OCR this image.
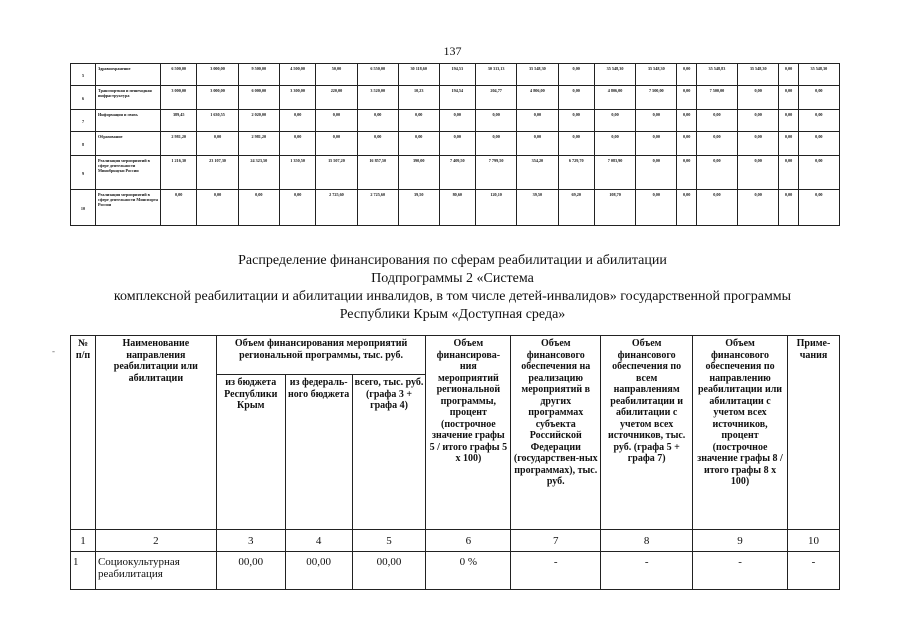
137
5	Здравоохранение	6 500,00	3 000,00	9 500,00	4 500,00	50,00	6 550,00	30 118,60	194,53	30 313,13	35 548,30	0,00	35 548,30	35 548,30	0,00	35 548,83	35 548,30	0,00	35 548,30
6	Транспортная и пешеходная инфраструктура	3 000,00	3 000,00	6 000,00	3 300,00	220,00	3 520,00	10,23	194,54	204,77	4 806,00	0,00	4 806,00	7 500,00	0,00	7 500,00	0,00	0,00	0,00
7	Информация и связь	389,45	1 630,55	2 020,00	0,00	0,00	0,00	0,00	0,00	0,00	0,00	0,00	0,00	0,00	0,00	0,00	0,00	0,00	0,00
8	Образование	2 981,20	0,00	2 981,20	0,00	0,00	0,00	0,00	0,00	0,00	0,00	0,00	0,00	0,00	0,00	0,00	0,00	0,00	0,00
9	Реализация мероприятий в сфере деятельности Минобрнауки России	1 216,30	23 107,30	24 323,50	1 350,50	15 507,20	16 857,50	390,00	7 409,50	7 799,50	354,20	6 729,70	7 083,90	0,00	0,00	0,00	0,00	0,00	0,00
10	Реализация мероприятий в сфере деятельности Минспорта России	0,00	0,00	0,00	0,00	2 725,60	2 725,60	39,50	80,60	120,10	39,50	69,20	108,70	0,00	0,00	0,00	0,00	0,00	0,00
Распределение финансирования по сферам реабилитации и абилитации
Подпрограммы 2 «Система
комплексной реабилитации и абилитации инвалидов, в том числе детей-инвалидов» государственной программы
Республики Крым «Доступная среда»
-
№ п/п	Наименование направления реабилитации или абилитации	Объем финансирования мероприятий региональной программы, тыс. руб.			Объем финансирова-ния мероприятий региональной программы, процент (построчное значение графы 5 / итого графы 5 x 100)	Объем финансового обеспечения на реализацию мероприятий в других программах субъекта Российской Федерации (государствен-ных программах), тыс. руб.	Объем финансового обеспечения по всем направлениям реабилитации и абилитации с учетом всех источников, тыс. руб. (графа 5 + графа 7)	Объем финансового обеспечения по направлению реабилитации или абилитации с учетом всех источников, процент (построчное значение графы 8 / итого графы 8 x 100)	Приме-чания
		из бюджета Республики Крым	из федераль-ного бюджета	всего, тыс. руб. (графа 3 + графа 4)					
1	2	3	4	5	6	7	8	9	10
1	Социокультурная реабилитация	00,00	00,00	00,00	0 %	-	-	-	-
